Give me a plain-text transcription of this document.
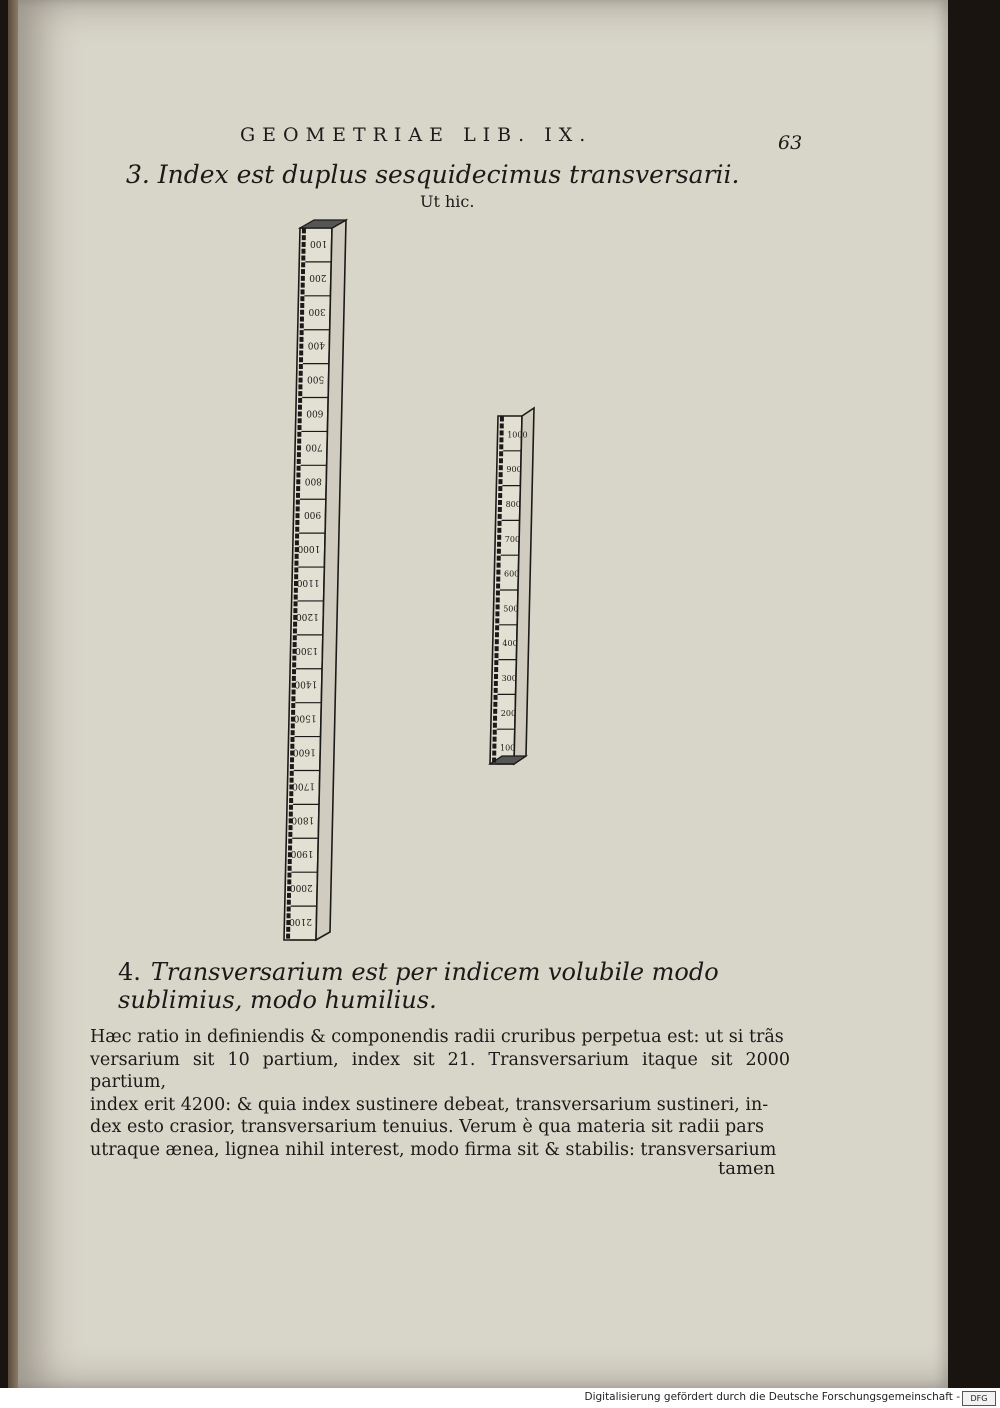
GEOMETRIAE LIB. IX.	63
3. Index est duplus sesquidecimus transversarii.
Ut hic.
100
200
300
400
500
600
700
800
900
1000
1100
1200
1300
1400
1500
1600
1700
1800
1900
2000
2100
1000
900
800
700
600
500
400
300
200
100
4. Transversarium est per indicem volubile modo sublimius, modo humilius.
Hæc ratio in definiendis & componendis radii cruribus perpetua est: ut si trãs
versarium sit 10 partium, index sit 21. Transversarium itaque sit 2000 partium,
index erit 4200: & quia index sustinere debeat, transversarium sustineri, in-
dex esto crasior, transversarium tenuius. Verum è qua materia sit radii pars
utraque ænea, lignea nihil interest, modo firma sit & stabilis: transversarium
tamen
Digitalisierung gefördert durch die Deutsche Forschungsgemeinschaft -	DFG
